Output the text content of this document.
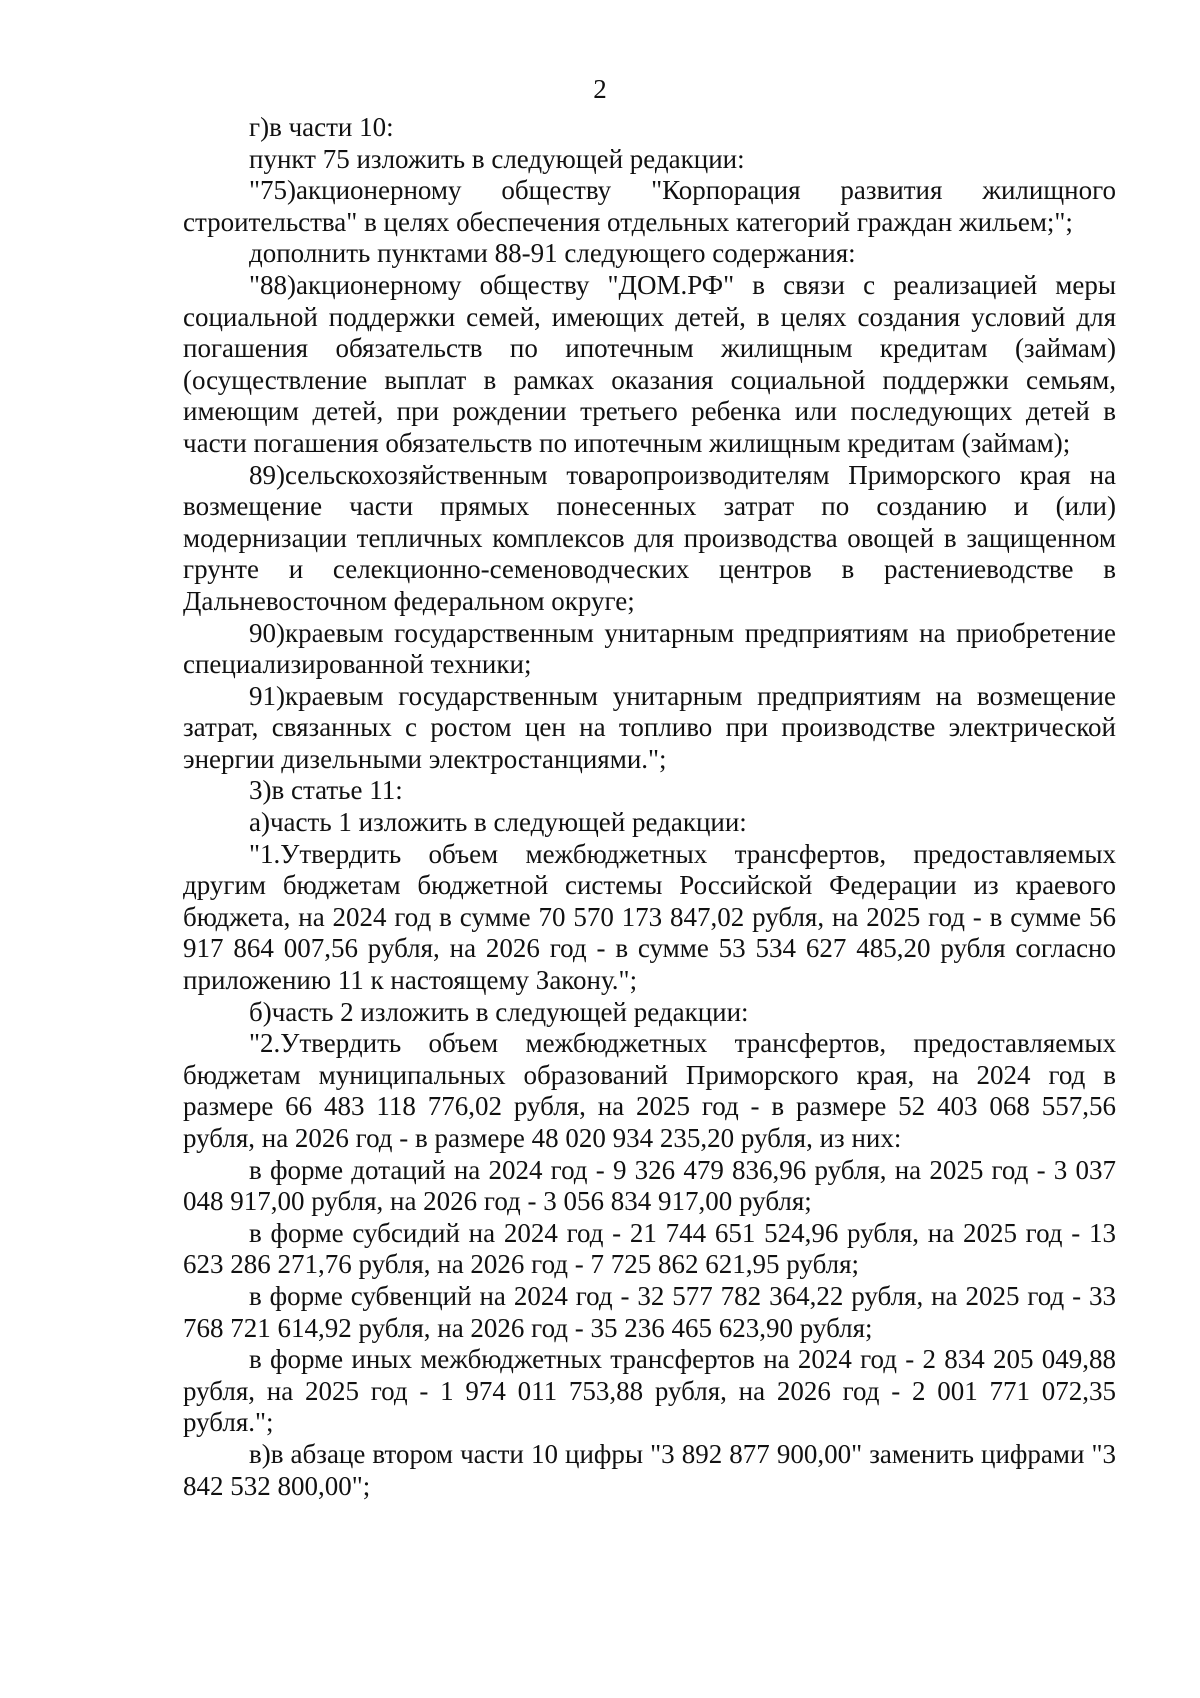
2

г)в части 10:

пункт 75 изложить в следующей редакции:

"75)акционерному обществу "Корпорация развития жилищного строительства" в целях обеспечения отдельных категорий граждан жильем;";

дополнить пунктами 88-91 следующего содержания:

"88)акционерному обществу "ДОМ.РФ" в связи с реализацией меры социальной поддержки семей, имеющих детей, в целях создания условий для погашения обязательств по ипотечным жилищным кредитам (займам) (осуществление выплат в рамках оказания социальной поддержки семьям, имеющим детей, при рождении третьего ребенка или последующих детей в части погашения обязательств по ипотечным жилищным кредитам (займам);

89)сельскохозяйственным товаропроизводителям Приморского края на возмещение части прямых понесенных затрат по созданию и (или) модернизации тепличных комплексов для производства овощей в защищенном грунте и селекционно-семеноводческих центров в растениеводстве в Дальневосточном федеральном округе;

90)краевым государственным унитарным предприятиям на приобретение специализированной техники;

91)краевым государственным унитарным предприятиям на возмещение затрат, связанных с ростом цен на топливо при производстве электрической энергии дизельными электростанциями.";

3)в статье 11:

а)часть 1 изложить в следующей редакции:

"1.Утвердить объем межбюджетных трансфертов, предоставляемых другим бюджетам бюджетной системы Российской Федерации из краевого бюджета, на 2024 год в сумме 70 570 173 847,02 рубля, на 2025 год - в сумме 56 917 864 007,56 рубля, на 2026 год - в сумме 53 534 627 485,20 рубля согласно приложению 11 к настоящему Закону.";

б)часть 2 изложить в следующей редакции:

"2.Утвердить объем межбюджетных трансфертов, предоставляемых бюджетам муниципальных образований Приморского края, на 2024 год в размере 66 483 118 776,02 рубля, на 2025 год - в размере 52 403 068 557,56 рубля, на 2026 год - в размере 48 020 934 235,20 рубля, из них:

в форме дотаций на 2024 год - 9 326 479 836,96 рубля, на 2025 год - 3 037 048 917,00 рубля, на 2026 год - 3 056 834 917,00 рубля;

в форме субсидий на 2024 год - 21 744 651 524,96 рубля, на 2025 год - 13 623 286 271,76 рубля, на 2026 год - 7 725 862 621,95 рубля;

в форме субвенций на 2024 год - 32 577 782 364,22 рубля, на 2025 год - 33 768 721 614,92 рубля, на 2026 год - 35 236 465 623,90 рубля;

в форме иных межбюджетных трансфертов на 2024 год - 2 834 205 049,88 рубля, на 2025 год - 1 974 011 753,88 рубля, на 2026 год - 2 001 771 072,35 рубля.";

в)в абзаце втором части 10 цифры "3 892 877 900,00" заменить цифрами "3 842 532 800,00";
